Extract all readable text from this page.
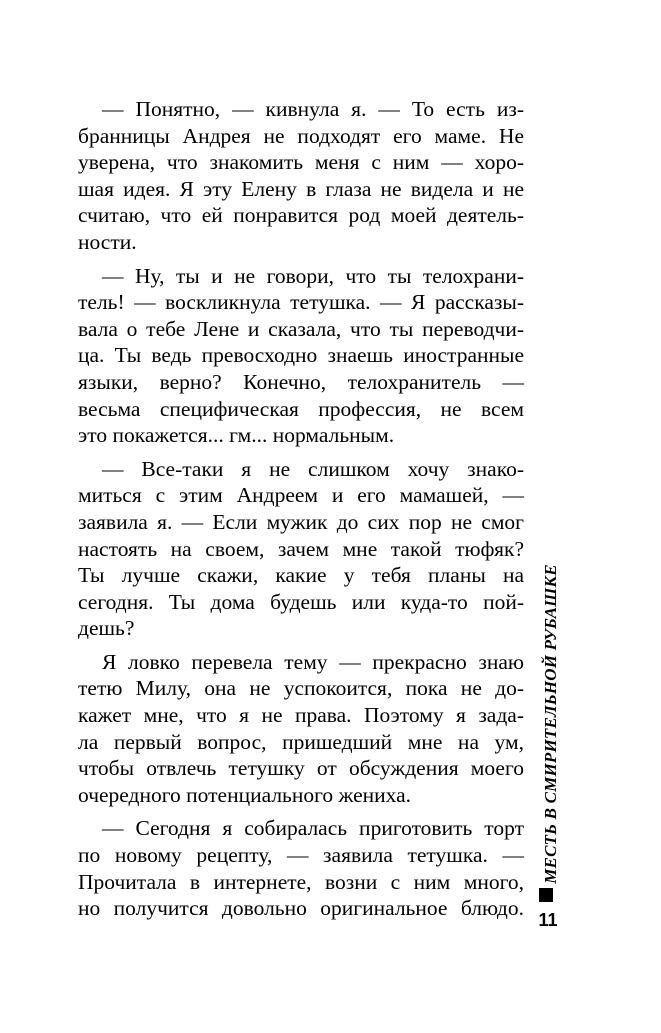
— Понятно, — кивнула я. — То есть из-
бранницы Андрея не подходят его маме. Не
уверена, что знакомить меня с ним — хоро-
шая идея. Я эту Елену в глаза не видела и не
считаю, что ей понравится род моей деятель-
ности.

— Ну, ты и не говори, что ты телохрани-
тель! — воскликнула тетушка. — Я рассказы-
вала о тебе Лене и сказала, что ты переводчи-
ца. Ты ведь превосходно знаешь иностранные
языки, верно? Конечно, телохранитель —
весьма специфическая профессия, не всем
это покажется... гм... нормальным.

— Все-таки я не слишком хочу знако-
миться с этим Андреем и его мамашей, —
заявила я. — Если мужик до сих пор не смог
настоять на своем, зачем мне такой тюфяк?
Ты лучше скажи, какие у тебя планы на
сегодня. Ты дома будешь или куда-то пой-
дешь?

Я ловко перевела тему — прекрасно знаю
тетю Милу, она не успокоится, пока не до-
кажет мне, что я не права. Поэтому я зада-
ла первый вопрос, пришедший мне на ум,
чтобы отвлечь тетушку от обсуждения моего
очередного потенциального жениха.

— Сегодня я собиралась приготовить торт
по новому рецепту, — заявила тетушка. —
Прочитала в интернете, возни с ним много,
но получится довольно оригинальное блюдо.

МЕСТЬ В СМИРИТЕЛЬНОЙ РУБАШКЕ
11
